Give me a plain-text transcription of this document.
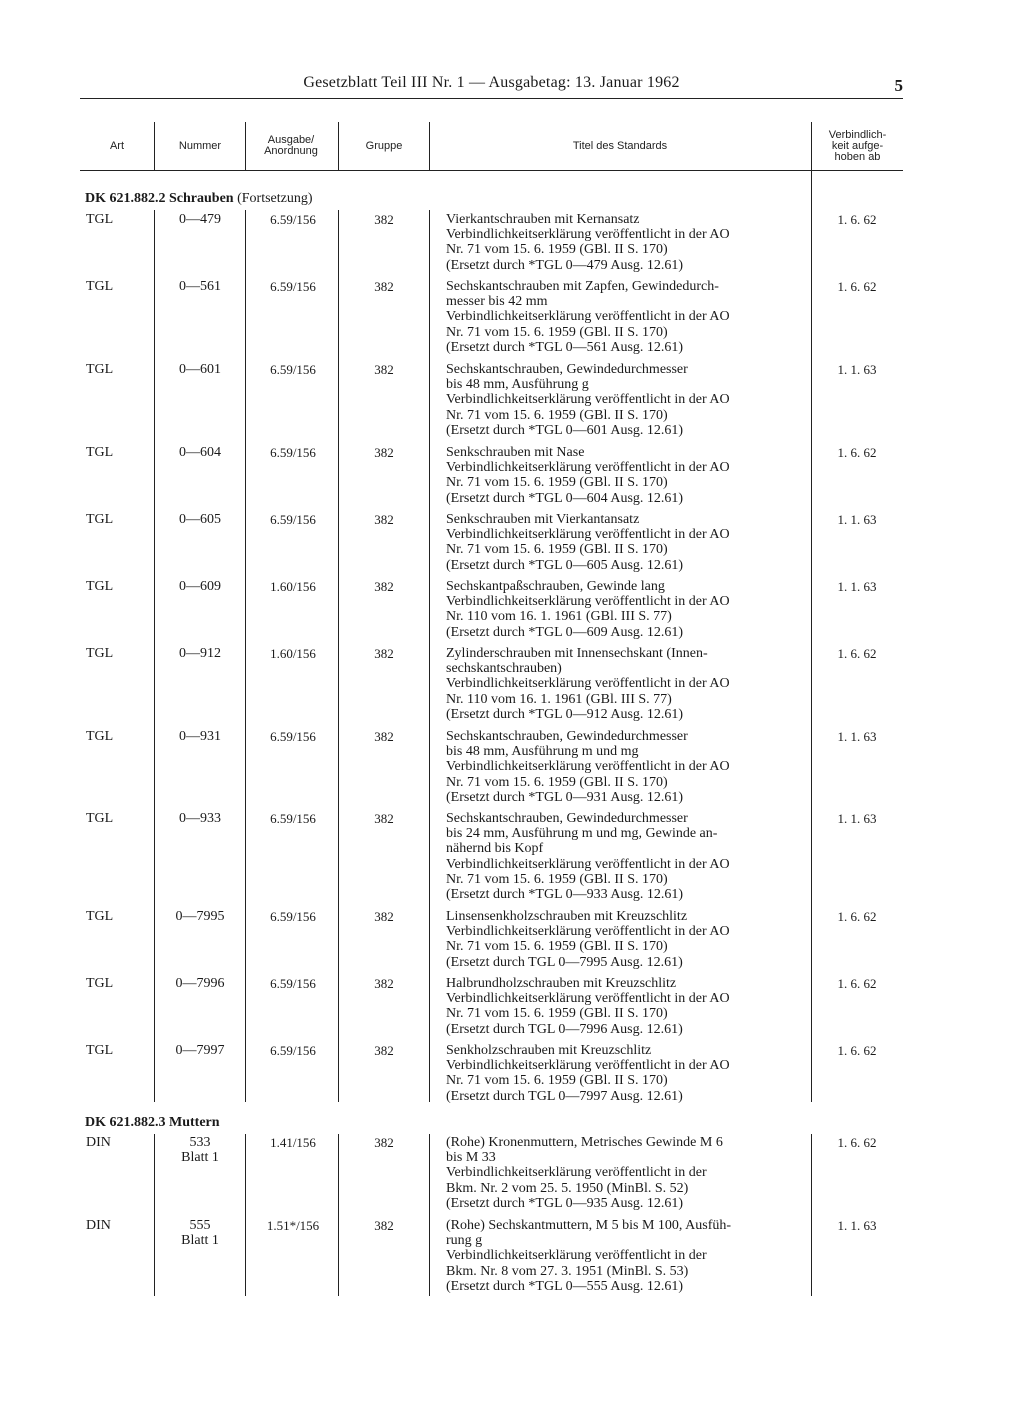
Gesetzblatt Teil III Nr. 1 — Ausgabetag: 13. Januar 1962	5
Art	Nummer	Ausgabe/
Anordnung	Gruppe	Titel des Standards
Verbindlich-
keit aufge-
hoben ab
DK 621.882.2 Schrauben (Fortsetzung)
DK 621.882.3 Muttern
TGL	0—479	6.59/156	382	Vierkantschrauben mit Kernansatz
Verbindlichkeitserklärung veröffentlicht in der AO
Nr. 71 vom 15. 6. 1959 (GBl. II S. 170)
(Ersetzt durch *TGL 0—479 Ausg. 12.61)
1. 6. 62
TGL	0—561	6.59/156	382	Sechskantschrauben mit Zapfen, Gewindedurch-
messer bis 42 mm
Verbindlichkeitserklärung veröffentlicht in der AO
Nr. 71 vom 15. 6. 1959 (GBl. II S. 170)
(Ersetzt durch *TGL 0—561 Ausg. 12.61)
1. 6. 62
TGL	0—601	6.59/156	382	Sechskantschrauben, Gewindedurchmesser
bis 48 mm, Ausführung g
Verbindlichkeitserklärung veröffentlicht in der AO
Nr. 71 vom 15. 6. 1959 (GBl. II S. 170)
(Ersetzt durch *TGL 0—601 Ausg. 12.61)
1. 1. 63
TGL	0—604	6.59/156	382	Senkschrauben mit Nase
Verbindlichkeitserklärung veröffentlicht in der AO
Nr. 71 vom 15. 6. 1959 (GBl. II S. 170)
(Ersetzt durch *TGL 0—604 Ausg. 12.61)
1. 6. 62
TGL	0—605	6.59/156	382	Senkschrauben mit Vierkantansatz
Verbindlichkeitserklärung veröffentlicht in der AO
Nr. 71 vom 15. 6. 1959 (GBl. II S. 170)
(Ersetzt durch *TGL 0—605 Ausg. 12.61)
1. 1. 63
TGL	0—609	1.60/156	382	Sechskantpaßschrauben, Gewinde lang
Verbindlichkeitserklärung veröffentlicht in der AO
Nr. 110 vom 16. 1. 1961 (GBl. III S. 77)
(Ersetzt durch *TGL 0—609 Ausg. 12.61)
1. 1. 63
TGL	0—912	1.60/156	382	Zylinderschrauben mit Innensechskant (Innen-
sechskantschrauben)
Verbindlichkeitserklärung veröffentlicht in der AO
Nr. 110 vom 16. 1. 1961 (GBl. III S. 77)
(Ersetzt durch *TGL 0—912 Ausg. 12.61)
1. 6. 62
TGL	0—931	6.59/156	382	Sechskantschrauben, Gewindedurchmesser
bis 48 mm, Ausführung m und mg
Verbindlichkeitserklärung veröffentlicht in der AO
Nr. 71 vom 15. 6. 1959 (GBl. II S. 170)
(Ersetzt durch *TGL 0—931 Ausg. 12.61)
1. 1. 63
TGL	0—933	6.59/156	382	Sechskantschrauben, Gewindedurchmesser
bis 24 mm, Ausführung m und mg, Gewinde an-
nähernd bis Kopf
Verbindlichkeitserklärung veröffentlicht in der AO
Nr. 71 vom 15. 6. 1959 (GBl. II S. 170)
(Ersetzt durch *TGL 0—933 Ausg. 12.61)
1. 1. 63
TGL	0—7995	6.59/156	382	Linsensenkholzschrauben mit Kreuzschlitz
Verbindlichkeitserklärung veröffentlicht in der AO
Nr. 71 vom 15. 6. 1959 (GBl. II S. 170)
(Ersetzt durch TGL 0—7995 Ausg. 12.61)
1. 6. 62
TGL	0—7996	6.59/156	382	Halbrundholzschrauben mit Kreuzschlitz
Verbindlichkeitserklärung veröffentlicht in der AO
Nr. 71 vom 15. 6. 1959 (GBl. II S. 170)
(Ersetzt durch TGL 0—7996 Ausg. 12.61)
1. 6. 62
TGL	0—7997	6.59/156	382	Senkholzschrauben mit Kreuzschlitz
Verbindlichkeitserklärung veröffentlicht in der AO
Nr. 71 vom 15. 6. 1959 (GBl. II S. 170)
(Ersetzt durch TGL 0—7997 Ausg. 12.61)
1. 6. 62
DIN	533
Blatt 1
1.41/156	382	(Rohe) Kronenmuttern, Metrisches Gewinde M 6
bis M 33
Verbindlichkeitserklärung veröffentlicht in der
Bkm. Nr. 2 vom 25. 5. 1950 (MinBl. S. 52)
(Ersetzt durch *TGL 0—935 Ausg. 12.61)
1. 6. 62
DIN	555
Blatt 1
1.51*/156	382	(Rohe) Sechskantmuttern, M 5 bis M 100, Ausfüh-
rung g
Verbindlichkeitserklärung veröffentlicht in der
Bkm. Nr. 8 vom 27. 3. 1951 (MinBl. S. 53)
(Ersetzt durch *TGL 0—555 Ausg. 12.61)
1. 1. 63
